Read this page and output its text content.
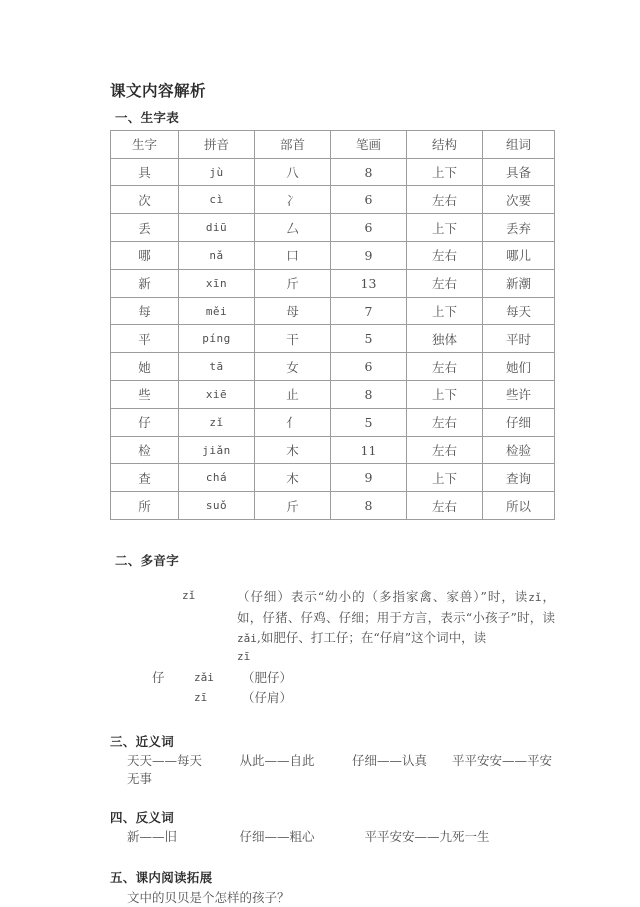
课文内容解析
一、生字表
生字	拼音	部首	笔画	结构	组词
具	jù	八	8	上下	具备
次	cì	冫	6	左右	次要
丢	diū	厶	6	上下	丢弃
哪	nǎ	口	9	左右	哪儿
新	xīn	斤	13	左右	新潮
每	měi	母	7	上下	每天
平	píng	干	5	独体	平时
她	tā	女	6	左右	她们
些	xiē	止	8	上下	些许
仔	zǐ	亻	5	左右	仔细
检	jiǎn	木	11	左右	检验
查	chá	木	9	上下	查询
所	suǒ	斤	8	左右	所以
二、多音字
zǐ	（仔细）表示“幼小的（多指家禽、家兽）”时，读zǐ，如，仔猪、仔鸡、仔细；用于方言，表示“小孩子”时，读zǎi,如肥仔、打工仔；在“仔肩”这个词中，读
zī
仔	zǎi （肥仔）
zī	（仔肩）
三、近义词
天天——每天　　　从此——自此　　　仔细——认真　　平平安安——平安无事
四、反义词
新——旧　　　　　仔细——粗心　　　　平平安安——九死一生
五、课内阅读拓展
文中的贝贝是个怎样的孩子？
